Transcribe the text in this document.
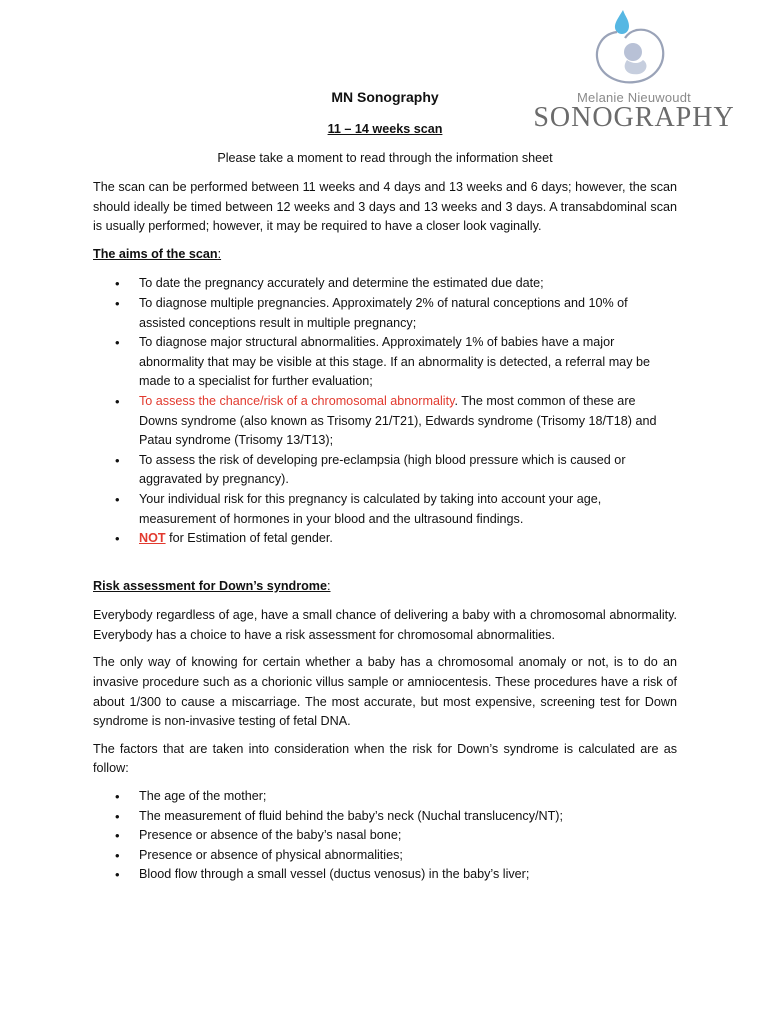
Melanie Nieuwoudt
SONOGRAPHY
MN Sonography
11 – 14 weeks scan
Please take a moment to read through the information sheet

The scan can be performed between 11 weeks and 4 days and 13 weeks and 6 days; however, the scan should ideally be timed between 12 weeks and 3 days and 13 weeks and 3 days. A transabdominal scan is usually performed; however, it may be required to have a closer look vaginally.

The aims of the scan:
• To date the pregnancy accurately and determine the estimated due date;
• To diagnose multiple pregnancies. Approximately 2% of natural conceptions and 10% of assisted conceptions result in multiple pregnancy;
• To diagnose major structural abnormalities. Approximately 1% of babies have a major abnormality that may be visible at this stage. If an abnormality is detected, a referral may be made to a specialist for further evaluation;
• To assess the chance/risk of a chromosomal abnormality. The most common of these are Downs syndrome (also known as Trisomy 21/T21), Edwards syndrome (Trisomy 18/T18) and Patau syndrome (Trisomy 13/T13);
• To assess the risk of developing pre-eclampsia (high blood pressure which is caused or aggravated by pregnancy).
• Your individual risk for this pregnancy is calculated by taking into account your age, measurement of hormones in your blood and the ultrasound findings.
• NOT for Estimation of fetal gender.
Risk assessment for Down’s syndrome:

Everybody regardless of age, have a small chance of delivering a baby with a chromosomal abnormality. Everybody has a choice to have a risk assessment for chromosomal abnormalities.

The only way of knowing for certain whether a baby has a chromosomal anomaly or not, is to do an invasive procedure such as a chorionic villus sample or amniocentesis. These procedures have a risk of about 1/300 to cause a miscarriage. The most accurate, but most expensive, screening test for Down syndrome is non-invasive testing of fetal DNA.

The factors that are taken into consideration when the risk for Down’s syndrome is calculated are as follow:

• The age of the mother;
• The measurement of fluid behind the baby’s neck (Nuchal translucency/NT);
• Presence or absence of the baby’s nasal bone;
• Presence or absence of physical abnormalities;
• Blood flow through a small vessel (ductus venosus) in the baby’s liver;
